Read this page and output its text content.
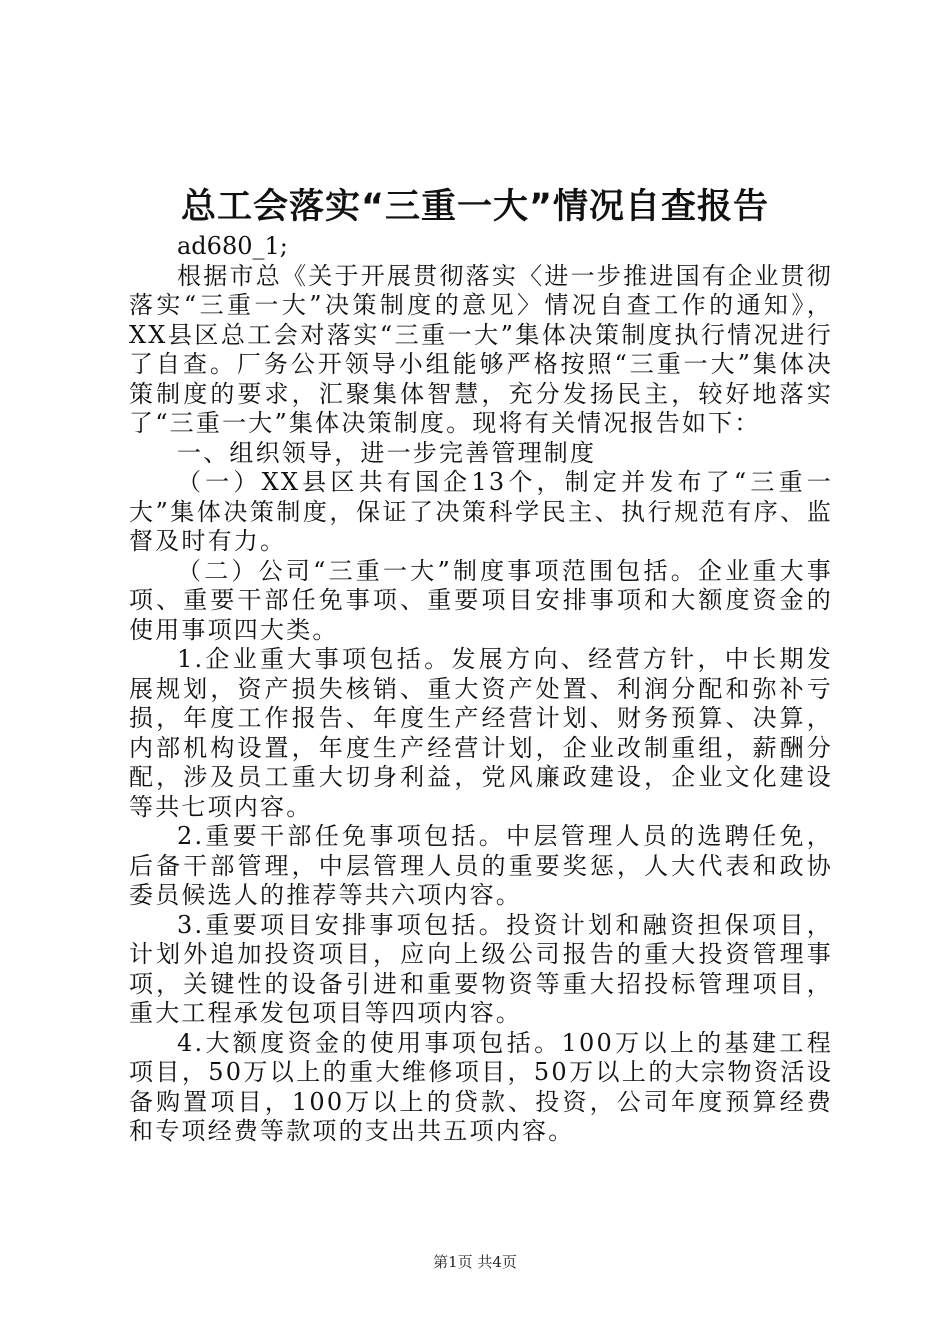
总工会落实“三重一大”情况自查报告

ad680_1;

根据市总《关于开展贯彻落实〈进一步推进国有企业贯彻落实“三重一大”决策制度的意见〉情况自查工作的通知》，XX县区总工会对落实“三重一大”集体决策制度执行情况进行了自查。厂务公开领导小组能够严格按照“三重一大”集体决策制度的要求，汇聚集体智慧，充分发扬民主，较好地落实了“三重一大”集体决策制度。现将有关情况报告如下：

一、组织领导，进一步完善管理制度

（一）XX县区共有国企13个，制定并发布了“三重一大”集体决策制度，保证了决策科学民主、执行规范有序、监督及时有力。

（二）公司“三重一大”制度事项范围包括。企业重大事项、重要干部任免事项、重要项目安排事项和大额度资金的使用事项四大类。

1.企业重大事项包括。发展方向、经营方针，中长期发展规划，资产损失核销、重大资产处置、利润分配和弥补亏损，年度工作报告、年度生产经营计划、财务预算、决算，内部机构设置，年度生产经营计划，企业改制重组，薪酬分配，涉及员工重大切身利益，党风廉政建设，企业文化建设等共七项内容。

2.重要干部任免事项包括。中层管理人员的选聘任免，后备干部管理，中层管理人员的重要奖惩，人大代表和政协委员候选人的推荐等共六项内容。

3.重要项目安排事项包括。投资计划和融资担保项目，计划外追加投资项目，应向上级公司报告的重大投资管理事项，关键性的设备引进和重要物资等重大招投标管理项目，重大工程承发包项目等四项内容。

4.大额度资金的使用事项包括。100万以上的基建工程项目，50万以上的重大维修项目，50万以上的大宗物资活设备购置项目，100万以上的贷款、投资，公司年度预算经费和专项经费等款项的支出共五项内容。

第1页 共4页
